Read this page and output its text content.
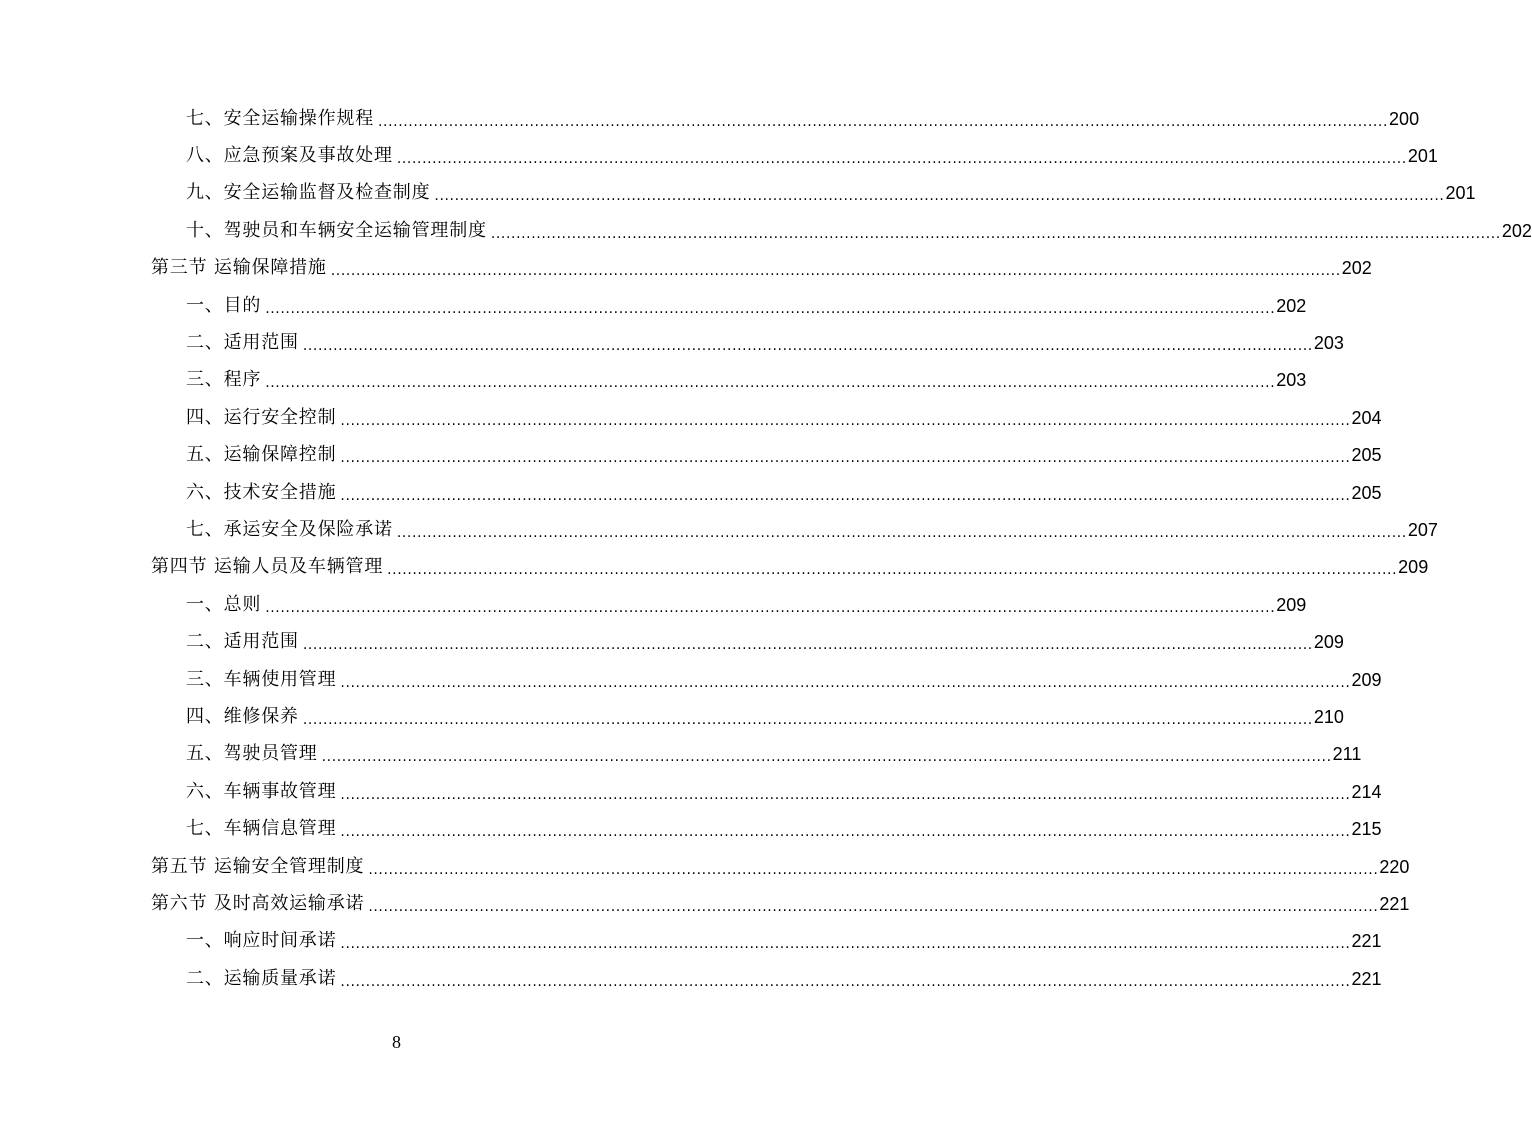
七、安全运输操作规程 ........................................................................................................................................................................................................ 200
八、应急预案及事故处理 ........................................................................................................................................................................................................ 201
九、安全运输监督及检查制度 ........................................................................................................................................................................................................ 201
十、驾驶员和车辆安全运输管理制度 ........................................................................................................................................................................................................ 202
第三节 运输保障措施 ........................................................................................................................................................................................................ 202
一、目的 ........................................................................................................................................................................................................ 202
二、适用范围 ........................................................................................................................................................................................................ 203
三、程序 ........................................................................................................................................................................................................ 203
四、运行安全控制 ........................................................................................................................................................................................................ 204
五、运输保障控制 ........................................................................................................................................................................................................ 205
六、技术安全措施 ........................................................................................................................................................................................................ 205
七、承运安全及保险承诺 ........................................................................................................................................................................................................ 207
第四节 运输人员及车辆管理 ........................................................................................................................................................................................................ 209
一、总则 ........................................................................................................................................................................................................ 209
二、适用范围 ........................................................................................................................................................................................................ 209
三、车辆使用管理 ........................................................................................................................................................................................................ 209
四、维修保养 ........................................................................................................................................................................................................ 210
五、驾驶员管理 ........................................................................................................................................................................................................ 211
六、车辆事故管理 ........................................................................................................................................................................................................ 214
七、车辆信息管理 ........................................................................................................................................................................................................ 215
第五节 运输安全管理制度 ........................................................................................................................................................................................................ 220
第六节 及时高效运输承诺 ........................................................................................................................................................................................................ 221
一、响应时间承诺 ........................................................................................................................................................................................................ 221
二、运输质量承诺 ........................................................................................................................................................................................................ 221
8
